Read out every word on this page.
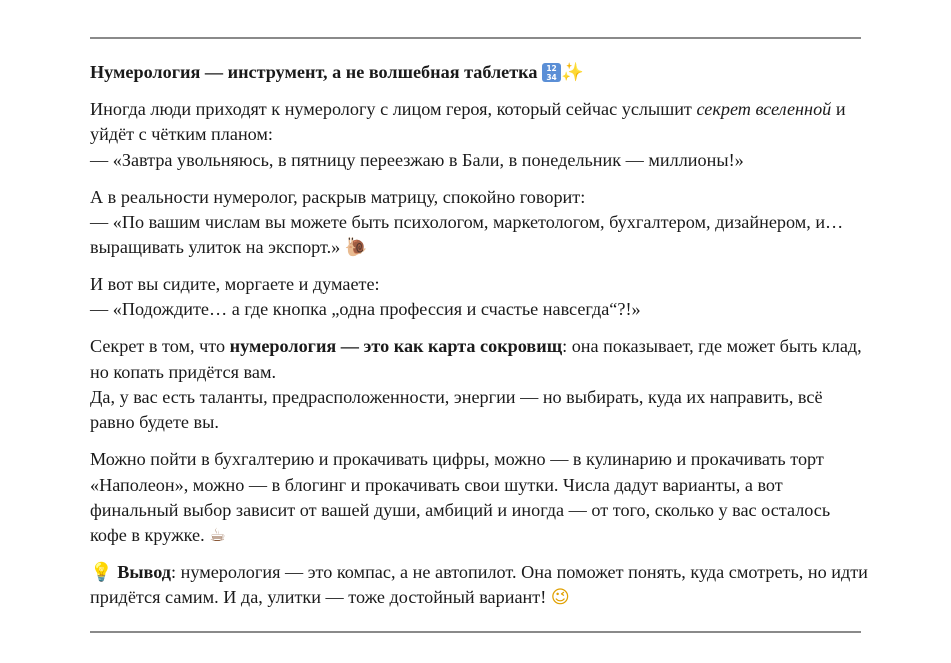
Нумерология — инструмент, а не волшебная таблетка	12
34 ✨

Иногда люди приходят к нумерологу с лицом героя, который сейчас услышит секрет вселенной и уйдёт с чётким планом:
— «Завтра увольняюсь, в пятницу переезжаю в Бали, в понедельник — миллионы!»

А в реальности нумеролог, раскрыв матрицу, спокойно говорит:
— «По вашим числам вы можете быть психологом, маркетологом, бухгалтером, дизайнером, и… выращивать улиток на экспорт.» 🐌

И вот вы сидите, моргаете и думаете:
— «Подождите… а где кнопка „одна профессия и счастье навсегда“?!»

Секрет в том, что нумерология — это как карта сокровищ: она показывает, где может быть клад, но копать придётся вам.
Да, у вас есть таланты, предрасположенности, энергии — но выбирать, куда их направить, всё равно будете вы.

Можно пойти в бухгалтерию и прокачивать цифры, можно — в кулинарию и прокачивать торт «Наполеон», можно — в блогинг и прокачивать свои шутки. Числа дадут варианты, а вот финальный выбор зависит от вашей души, амбиций и иногда — от того, сколько у вас осталось кофе в кружке. ☕

💡 Вывод: нумерология — это компас, а не автопилот. Она поможет понять, куда смотреть, но идти придётся самим. И да, улитки — тоже достойный вариант! 😉
